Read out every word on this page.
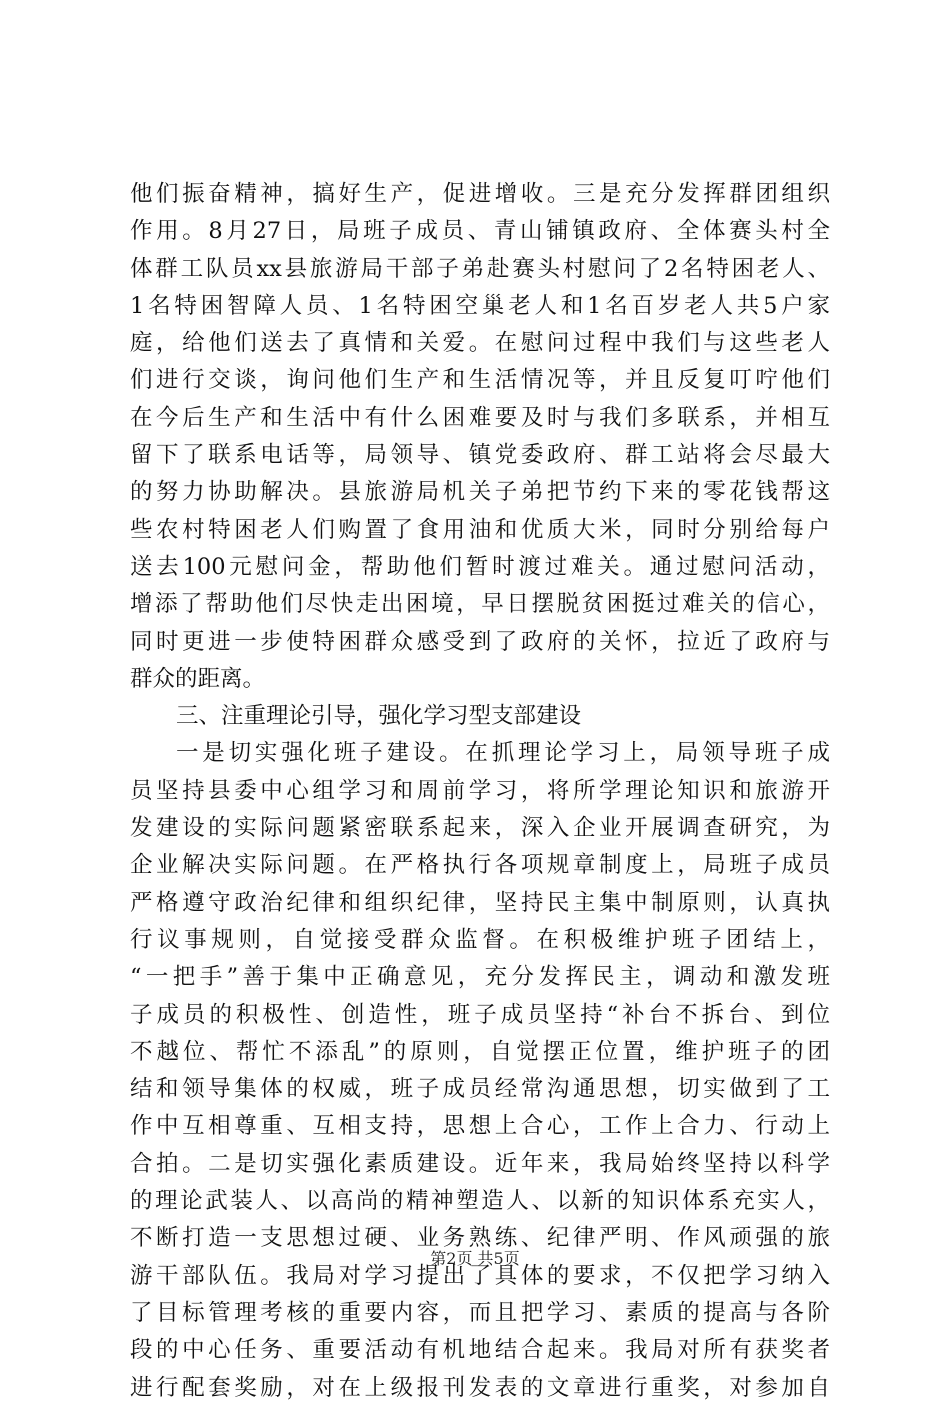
他们振奋精神，搞好生产，促进增收。三是充分发挥群团组织
作用。8月27日，局班子成员、青山铺镇政府、全体赛头村全
体群工队员xx县旅游局干部子弟赴赛头村慰问了2名特困老人、
1名特困智障人员、1名特困空巢老人和1名百岁老人共5户家
庭，给他们送去了真情和关爱。在慰问过程中我们与这些老人
们进行交谈，询问他们生产和生活情况等，并且反复叮咛他们
在今后生产和生活中有什么困难要及时与我们多联系，并相互
留下了联系电话等，局领导、镇党委政府、群工站将会尽最大
的努力协助解决。县旅游局机关子弟把节约下来的零花钱帮这
些农村特困老人们购置了食用油和优质大米，同时分别给每户
送去100元慰问金，帮助他们暂时渡过难关。通过慰问活动，
增添了帮助他们尽快走出困境，早日摆脱贫困挺过难关的信心，
同时更进一步使特困群众感受到了政府的关怀，拉近了政府与
群众的距离。
三、注重理论引导，强化学习型支部建设
一是切实强化班子建设。在抓理论学习上，局领导班子成
员坚持县委中心组学习和周前学习，将所学理论知识和旅游开
发建设的实际问题紧密联系起来，深入企业开展调查研究，为
企业解决实际问题。在严格执行各项规章制度上，局班子成员
严格遵守政治纪律和组织纪律，坚持民主集中制原则，认真执
行议事规则，自觉接受群众监督。在积极维护班子团结上，
“一把手”善于集中正确意见，充分发挥民主，调动和激发班
子成员的积极性、创造性，班子成员坚持“补台不拆台、到位
不越位、帮忙不添乱”的原则，自觉摆正位置，维护班子的团
结和领导集体的权威，班子成员经常沟通思想，切实做到了工
作中互相尊重、互相支持，思想上合心，工作上合力、行动上
合拍。二是切实强化素质建设。近年来，我局始终坚持以科学
的理论武装人、以高尚的精神塑造人、以新的知识体系充实人，
不断打造一支思想过硬、业务熟练、纪律严明、作风顽强的旅
游干部队伍。我局对学习提出了具体的要求，不仅把学习纳入
了目标管理考核的重要内容，而且把学习、素质的提高与各阶
段的中心任务、重要活动有机地结合起来。我局对所有获奖者
进行配套奖励，对在上级报刊发表的文章进行重奖，对参加自
第2页 共5页
